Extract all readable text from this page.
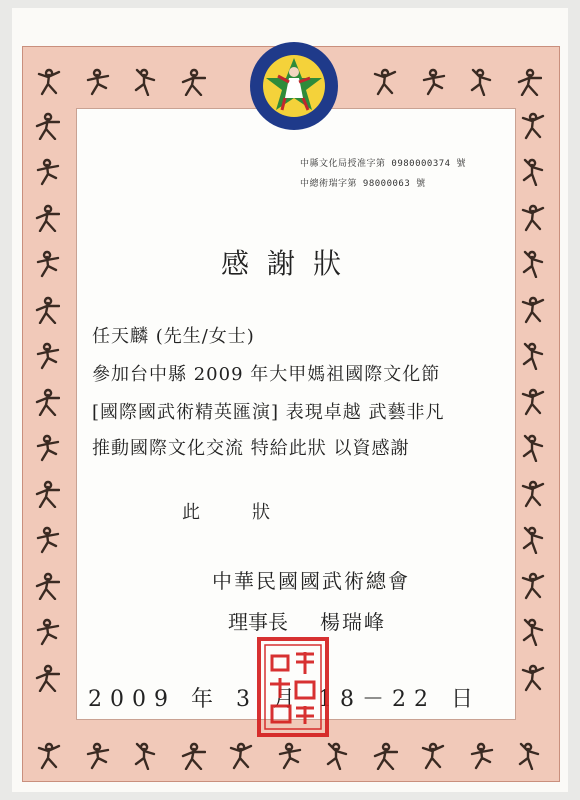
中縣文化局授准字第 0980000374 號
中總術瑞字第 98000063 號
感謝狀
任天麟 (先生/女士)
參加台中縣 2009 年大甲媽祖國際文化節
[國際國武術精英匯演] 表現卓越 武藝非凡
推動國際文化交流 特給此狀 以資感謝
此狀
中華民國國武術總會
理事長 楊瑞峰
2009 年 3 月 18－22 日
